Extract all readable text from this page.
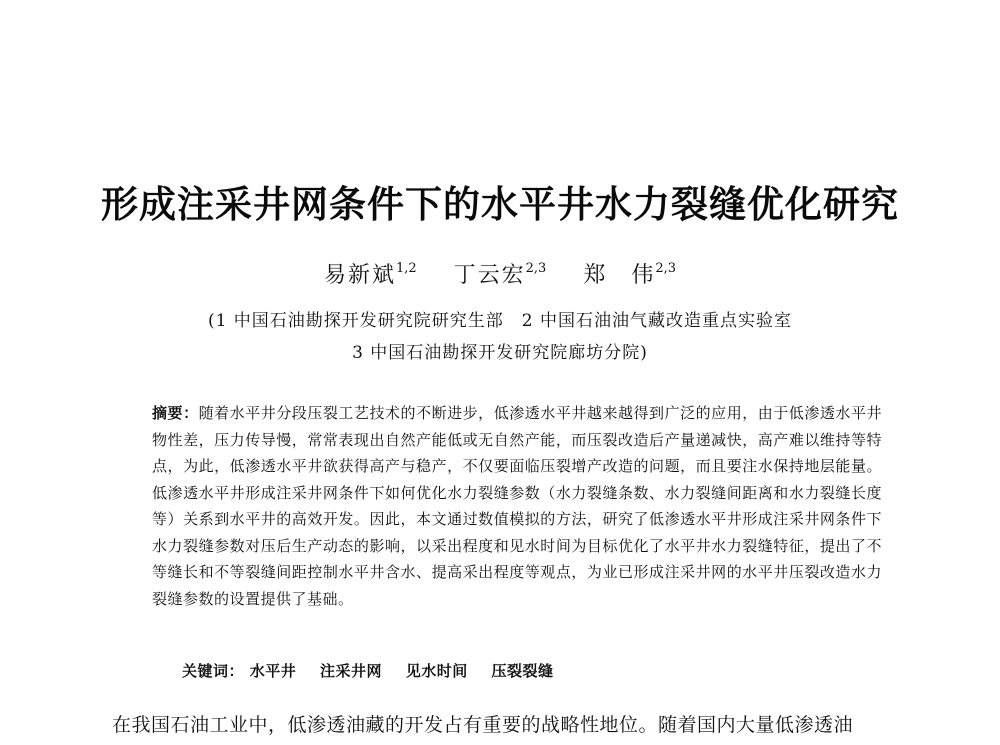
形成注采井网条件下的水平井水力裂缝优化研究
易新斌$^{1,2}$ 丁云宏$^{2,3}$ 郑　伟$^{2,3}$
(1 中国石油勘探开发研究院研究生部　2 中国石油油气藏改造重点实验室
3 中国石油勘探开发研究院廊坊分院)
摘要：随着水平井分段压裂工艺技术的不断进步，低渗透水平井越来越得到广泛的应用，由于低渗透水平井物性差，压力传导慢，常常表现出自然产能低或无自然产能，而压裂改造后产量递减快，高产难以维持等特点，为此，低渗透水平井欲获得高产与稳产，不仅要面临压裂增产改造的问题，而且要注水保持地层能量。低渗透水平井形成注采井网条件下如何优化水力裂缝参数（水力裂缝条数、水力裂缝间距离和水力裂缝长度等）关系到水平井的高效开发。因此，本文通过数值模拟的方法，研究了低渗透水平井形成注采井网条件下水力裂缝参数对压后生产动态的影响，以采出程度和见水时间为目标优化了水平井水力裂缝特征，提出了不等缝长和不等裂缝间距控制水平井含水、提高采出程度等观点，为业已形成注采井网的水平井压裂改造水力裂缝参数的设置提供了基础。
关键词： 水平井 注采井网 见水时间 压裂裂缝
在我国石油工业中，低渗透油藏的开发占有重要的战略性地位。随着国内大量低渗透油
